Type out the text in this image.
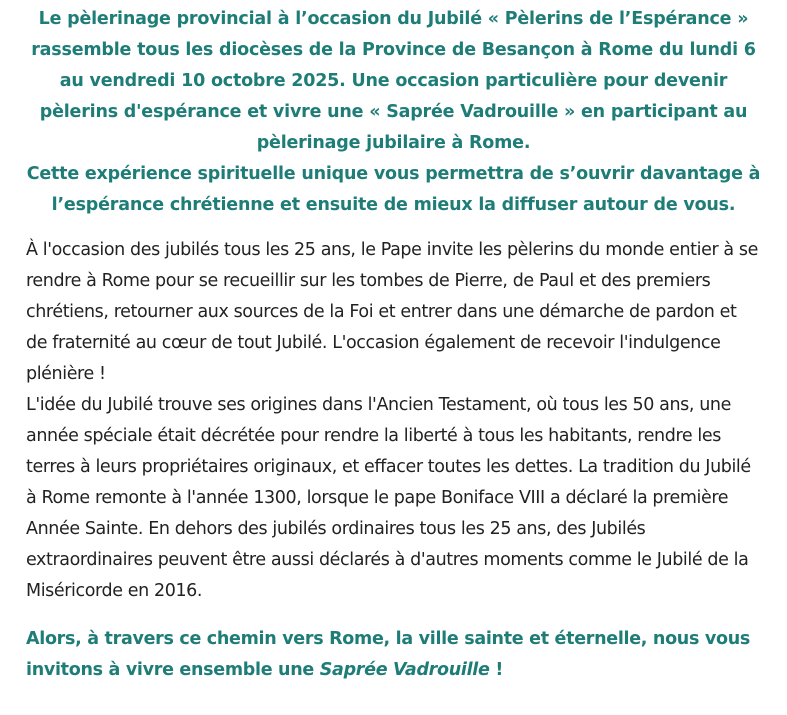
Le pèlerinage provincial à l’occasion du Jubilé « Pèlerins de l’Espérance » rassemble tous les diocèses de la Province de Besançon à Rome du lundi 6 au vendredi 10 octobre 2025. Une occasion particulière pour devenir pèlerins d'espérance et vivre une « Saprée Vadrouille » en participant au pèlerinage jubilaire à Rome.

Cette expérience spirituelle unique vous permettra de s’ouvrir davantage à l’espérance chrétienne et ensuite de mieux la diffuser autour de vous.

À l'occasion des jubilés tous les 25 ans, le Pape invite les pèlerins du monde entier à se rendre à Rome pour se recueillir sur les tombes de Pierre, de Paul et des premiers chrétiens, retourner aux sources de la Foi et entrer dans une démarche de pardon et de fraternité au cœur de tout Jubilé. L'occasion également de recevoir l'indulgence plénière !

L'idée du Jubilé trouve ses origines dans l'Ancien Testament, où tous les 50 ans, une année spéciale était décrétée pour rendre la liberté à tous les habitants, rendre les terres à leurs propriétaires originaux, et effacer toutes les dettes. La tradition du Jubilé à Rome remonte à l'année 1300, lorsque le pape Boniface VIII a déclaré la première Année Sainte. En dehors des jubilés ordinaires tous les 25 ans, des Jubilés extraordinaires peuvent être aussi déclarés à d'autres moments comme le Jubilé de la Miséricorde en 2016.

Alors, à travers ce chemin vers Rome, la ville sainte et éternelle, nous vous invitons à vivre ensemble une Saprée Vadrouille !
